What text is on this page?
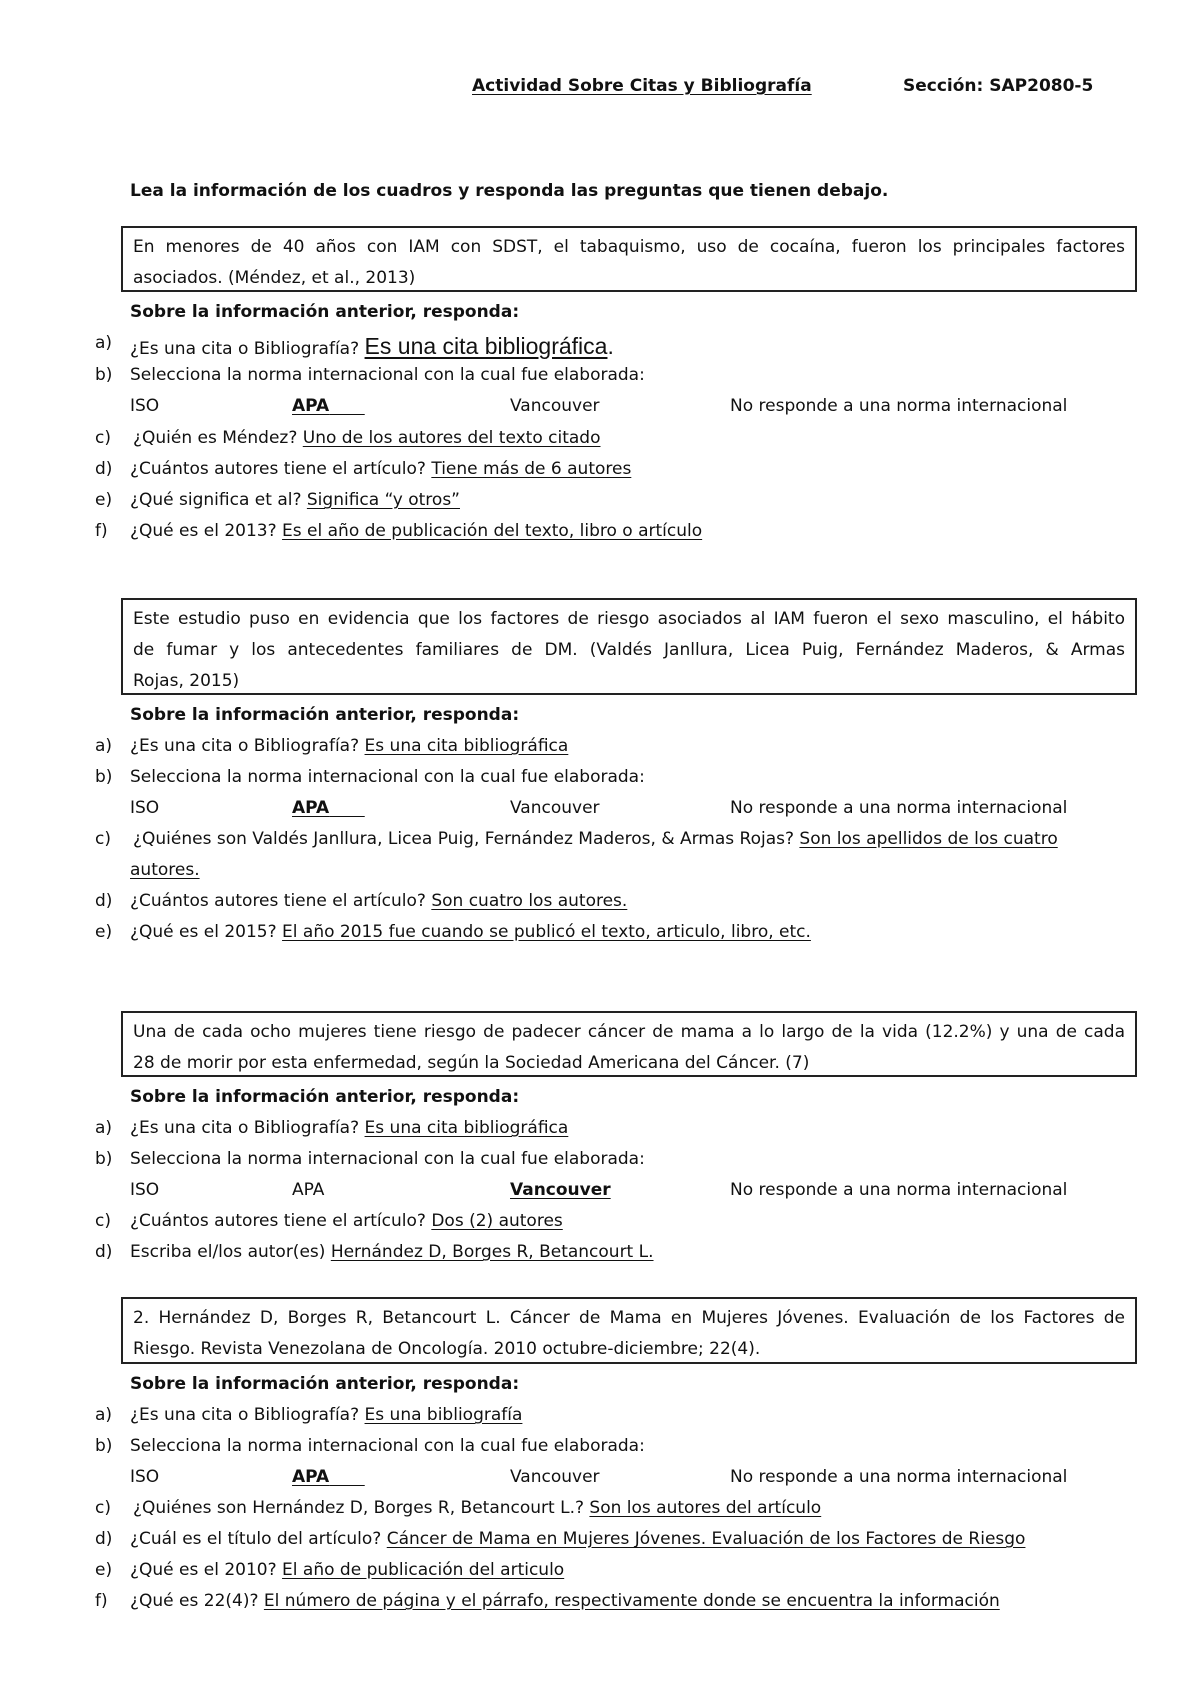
Actividad Sobre Citas y Bibliografía	Sección: SAP2080-5
Lea la información de los cuadros y responda las preguntas que tienen debajo.
En menores de 40 años con IAM con SDST, el tabaquismo, uso de cocaína, fueron los principales factores
asociados. (Méndez, et al., 2013)
Sobre la información anterior, responda:
a) ¿Es una cita o Bibliografía? Es una cita bibliográfica.
b) Selecciona la norma internacional con la cual fue elaborada:
ISO	APA	Vancouver	No responde a una norma internacional
c) ¿Quién es Méndez? Uno de los autores del texto citado
d) ¿Cuántos autores tiene el artículo? Tiene más de 6 autores
e) ¿Qué significa et al? Significa “y otros”
f) ¿Qué es el 2013? Es el año de publicación del texto, libro o artículo
Este estudio puso en evidencia que los factores de riesgo asociados al IAM fueron el sexo masculino, el hábito
de fumar y los antecedentes familiares de DM. (Valdés Janllura, Licea Puig, Fernández Maderos, & Armas
Rojas, 2015)
Sobre la información anterior, responda:
a) ¿Es una cita o Bibliografía? Es una cita bibliográfica
b) Selecciona la norma internacional con la cual fue elaborada:
ISO	APA	Vancouver	No responde a una norma internacional
c) ¿Quiénes son Valdés Janllura, Licea Puig, Fernández Maderos, & Armas Rojas? Son los apellidos de los cuatro
autores.
d) ¿Cuántos autores tiene el artículo? Son cuatro los autores.
e) ¿Qué es el 2015? El año 2015 fue cuando se publicó el texto, articulo, libro, etc.
Una de cada ocho mujeres tiene riesgo de padecer cáncer de mama a lo largo de la vida (12.2%) y una de cada
28 de morir por esta enfermedad, según la Sociedad Americana del Cáncer. (7)
Sobre la información anterior, responda:
a) ¿Es una cita o Bibliografía? Es una cita bibliográfica
b) Selecciona la norma internacional con la cual fue elaborada:
ISO	APA	Vancouver	No responde a una norma internacional
c) ¿Cuántos autores tiene el artículo? Dos (2) autores
d) Escriba el/los autor(es) Hernández D, Borges R, Betancourt L.
2. Hernández D, Borges R, Betancourt L. Cáncer de Mama en Mujeres Jóvenes. Evaluación de los Factores de
Riesgo. Revista Venezolana de Oncología. 2010 octubre-diciembre; 22(4).
Sobre la información anterior, responda:
a) ¿Es una cita o Bibliografía? Es una bibliografía
b) Selecciona la norma internacional con la cual fue elaborada:
ISO	APA	Vancouver	No responde a una norma internacional
c) ¿Quiénes son Hernández D, Borges R, Betancourt L.? Son los autores del artículo
d) ¿Cuál es el título del artículo? Cáncer de Mama en Mujeres Jóvenes. Evaluación de los Factores de Riesgo
e) ¿Qué es el 2010? El año de publicación del articulo
f) ¿Qué es 22(4)? El número de página y el párrafo, respectivamente donde se encuentra la información
